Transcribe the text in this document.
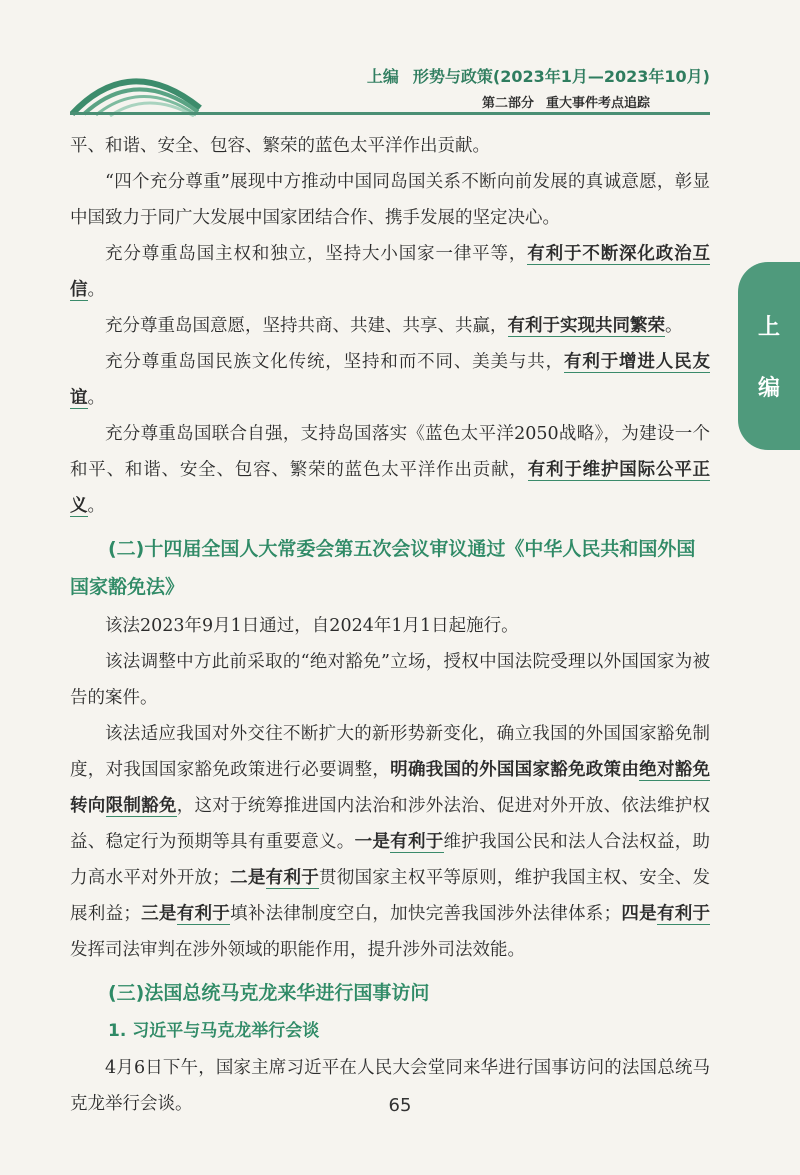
上编 形势与政策(2023年1月—2023年10月)
第二部分 重大事件考点追踪
上
编

平、和谐、安全、包容、繁荣的蓝色太平洋作出贡献。

“四个充分尊重”展现中方推动中国同岛国关系不断向前发展的真诚意愿，彰显中国致力于同广大发展中国家团结合作、携手发展的坚定决心。

充分尊重岛国主权和独立，坚持大小国家一律平等，有利于不断深化政治互信。

充分尊重岛国意愿，坚持共商、共建、共享、共赢，有利于实现共同繁荣。

充分尊重岛国民族文化传统，坚持和而不同、美美与共，有利于增进人民友谊。

充分尊重岛国联合自强，支持岛国落实《蓝色太平洋2050战略》，为建设一个和平、和谐、安全、包容、繁荣的蓝色太平洋作出贡献，有利于维护国际公平正义。

(二)十四届全国人大常委会第五次会议审议通过《中华人民共和国外国国家豁免法》

该法2023年9月1日通过，自2024年1月1日起施行。

该法调整中方此前采取的“绝对豁免”立场，授权中国法院受理以外国国家为被告的案件。

该法适应我国对外交往不断扩大的新形势新变化，确立我国的外国国家豁免制度，对我国国家豁免政策进行必要调整，明确我国的外国国家豁免政策由绝对豁免转向限制豁免，这对于统筹推进国内法治和涉外法治、促进对外开放、依法维护权益、稳定行为预期等具有重要意义。一是有利于维护我国公民和法人合法权益，助力高水平对外开放；二是有利于贯彻国家主权平等原则，维护我国主权、安全、发展利益；三是有利于填补法律制度空白，加快完善我国涉外法律体系；四是有利于发挥司法审判在涉外领域的职能作用，提升涉外司法效能。

(三)法国总统马克龙来华进行国事访问

1. 习近平与马克龙举行会谈

4月6日下午，国家主席习近平在人民大会堂同来华进行国事访问的法国总统马克龙举行会谈。	65
